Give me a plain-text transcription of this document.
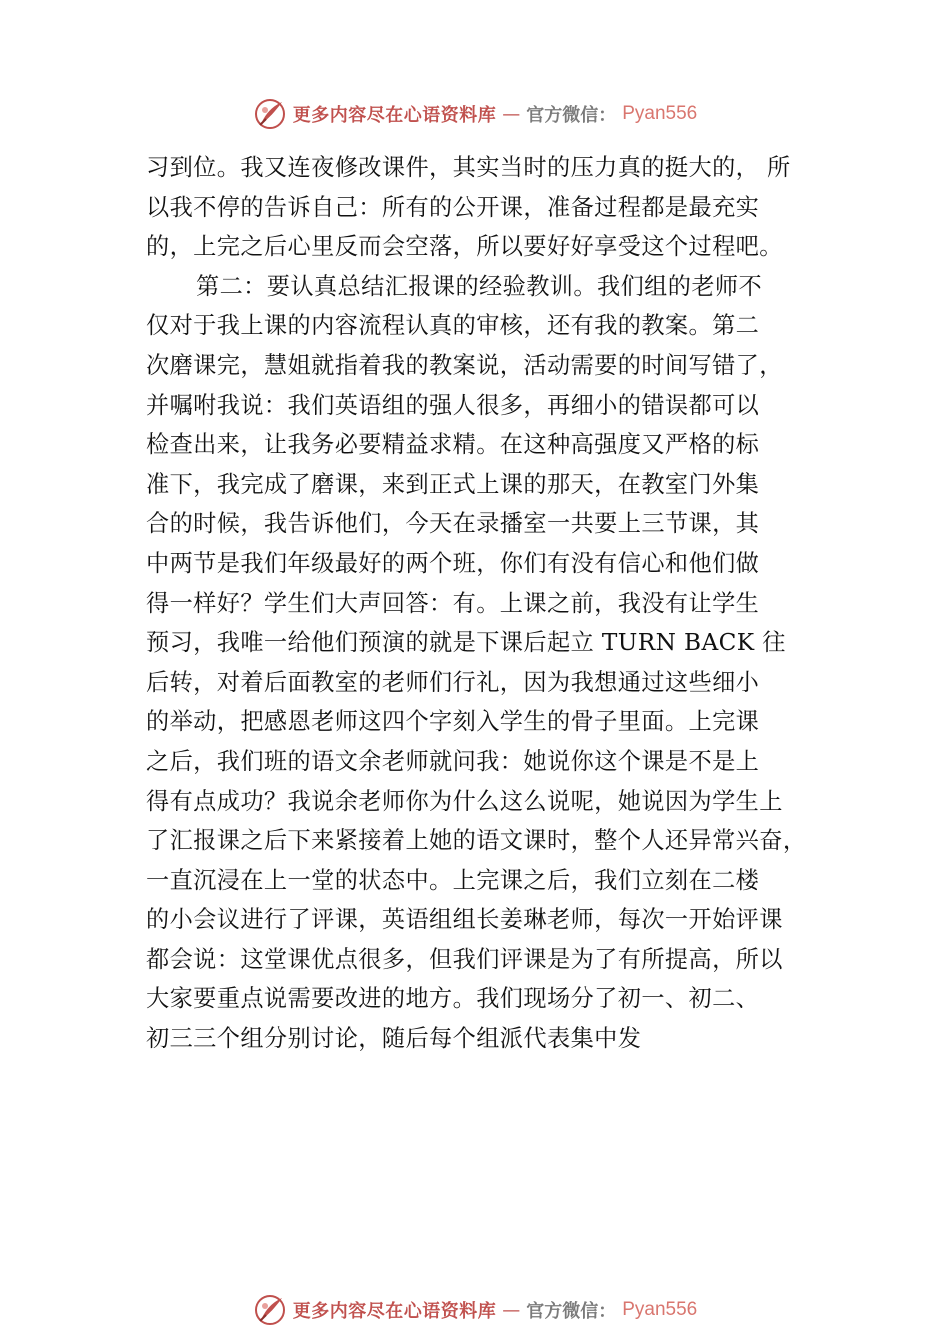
更多内容尽在心语资料库 — 官方微信： Pyan556
习到位。我又连夜修改课件，其实当时的压力真的挺大的， 所
以我不停的告诉自己：所有的公开课，准备过程都是最充实
的，上完之后心里反而会空落，所以要好好享受这个过程吧。
第二：要认真总结汇报课的经验教训。我们组的老师不
仅对于我上课的内容流程认真的审核，还有我的教案。第二
次磨课完，慧姐就指着我的教案说，活动需要的时间写错了，
并嘱咐我说：我们英语组的强人很多，再细小的错误都可以
检查出来，让我务必要精益求精。在这种高强度又严格的标
准下，我完成了磨课，来到正式上课的那天，在教室门外集
合的时候，我告诉他们，今天在录播室一共要上三节课，其
中两节是我们年级最好的两个班，你们有没有信心和他们做
得一样好？学生们大声回答：有。上课之前，我没有让学生
预习，我唯一给他们预演的就是下课后起立 TURN BACK 往
后转，对着后面教室的老师们行礼，因为我想通过这些细小
的举动，把感恩老师这四个字刻入学生的骨子里面。上完课
之后，我们班的语文余老师就问我：她说你这个课是不是上
得有点成功？我说余老师你为什么这么说呢，她说因为学生上
了汇报课之后下来紧接着上她的语文课时，整个人还异常兴奋，
一直沉浸在上一堂的状态中。上完课之后，我们立刻在二楼
的小会议进行了评课，英语组组长姜琳老师，每次一开始评课
都会说：这堂课优点很多，但我们评课是为了有所提高，所以
大家要重点说需要改进的地方。我们现场分了初一、初二、
初三三个组分别讨论，随后每个组派代表集中发
更多内容尽在心语资料库 — 官方微信： Pyan556
